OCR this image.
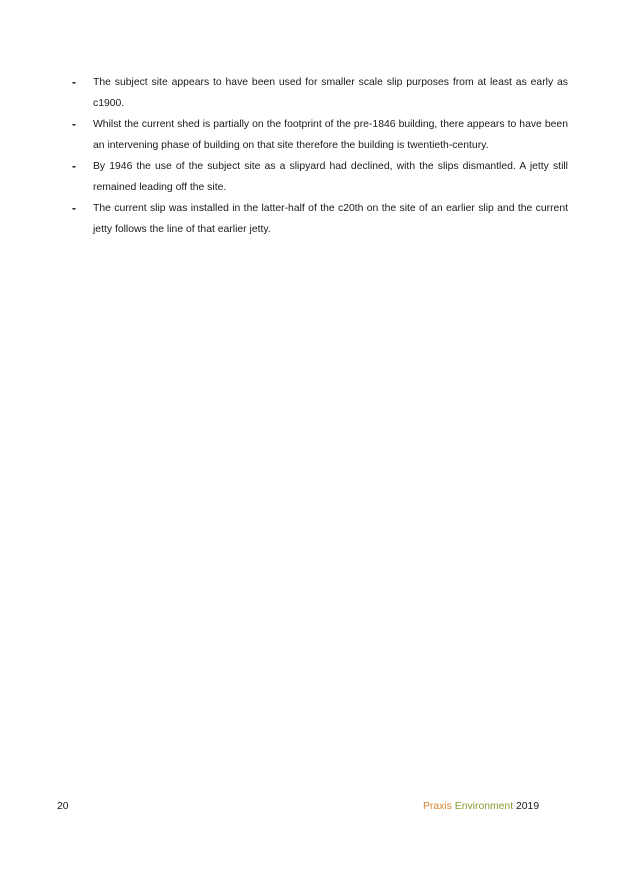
- The subject site appears to have been used for smaller scale slip purposes from at least as early as c1900.
- Whilst the current shed is partially on the footprint of the pre-1846 building, there appears to have been an intervening phase of building on that site therefore the building is twentieth-century.
- By 1946 the use of the subject site as a slipyard had declined, with the slips dismantled. A jetty still remained leading off the site.
- The current slip was installed in the latter-half of the c20th on the site of an earlier slip and the current jetty follows the line of that earlier jetty.
20	Praxis Environment 2019
